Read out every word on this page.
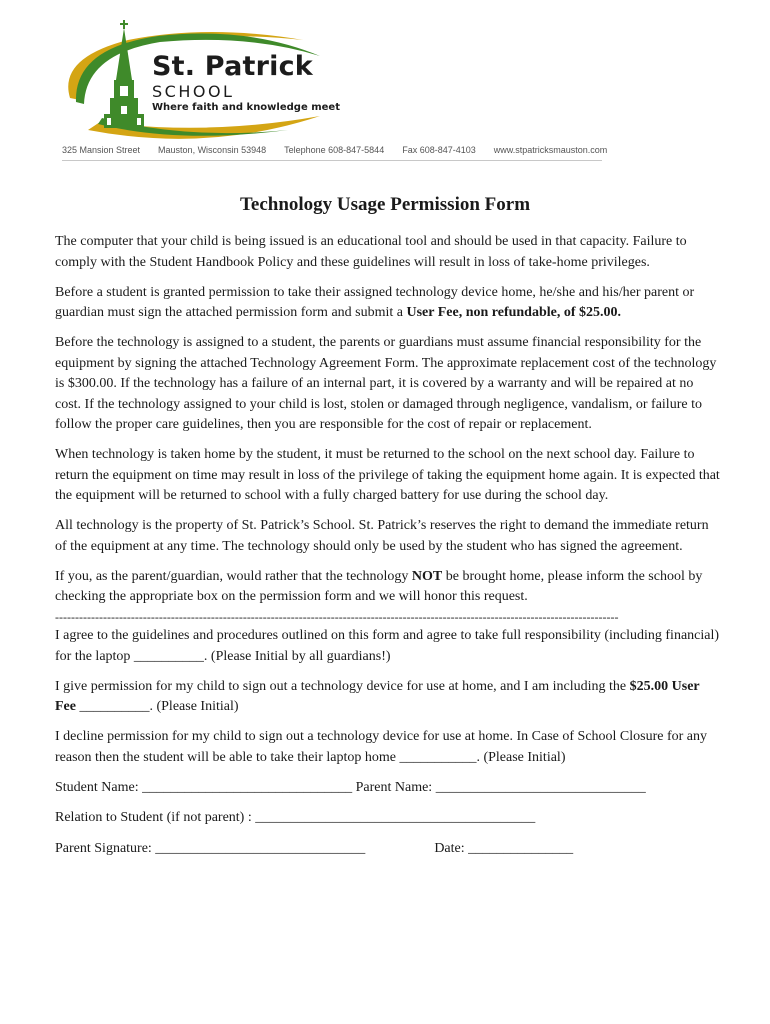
St. Patrick
SCHOOL
Where faith and knowledge meet
325 Mansion Street Mauston, Wisconsin 53948 Telephone 608-847-5844 Fax 608-847-4103 www.stpatricksmauston.com
Technology Usage Permission Form

The computer that your child is being issued is an educational tool and should be used in that capacity. Failure to comply with the Student Handbook Policy and these guidelines will result in loss of take-home privileges.

Before a student is granted permission to take their assigned technology device home, he/she and his/her parent or guardian must sign the attached permission form and submit a User Fee, non refundable, of $25.00.

Before the technology is assigned to a student, the parents or guardians must assume financial responsibility for the equipment by signing the attached Technology Agreement Form. The approximate replacement cost of the technology is $300.00. If the technology has a failure of an internal part, it is covered by a warranty and will be repaired at no cost. If the technology assigned to your child is lost, stolen or damaged through negligence, vandalism, or failure to follow the proper care guidelines, then you are responsible for the cost of repair or replacement.

When technology is taken home by the student, it must be returned to the school on the next school day. Failure to return the equipment on time may result in loss of the privilege of taking the equipment home again. It is expected that the equipment will be returned to school with a fully charged battery for use during the school day.

All technology is the property of St. Patrick’s School. St. Patrick’s reserves the right to demand the immediate return of the equipment at any time. The technology should only be used by the student who has signed the agreement.

If you, as the parent/guardian, would rather that the technology NOT be brought home, please inform the school by checking the appropriate box on the permission form and we will honor this request.

---------------------------------------------------------------------------------------------------------------------------------------------

I agree to the guidelines and procedures outlined on this form and agree to take full responsibility (including financial) for the laptop __________. (Please Initial by all guardians!)

I give permission for my child to sign out a technology device for use at home, and I am including the $25.00 User Fee __________. (Please Initial)

I decline permission for my child to sign out a technology device for use at home. In Case of School Closure for any reason then the student will be able to take their laptop home ___________. (Please Initial)

Student Name: ______________________________ Parent Name: ______________________________
Relation to Student (if not parent) : ________________________________________
Parent Signature: ______________________________	Date: _______________
